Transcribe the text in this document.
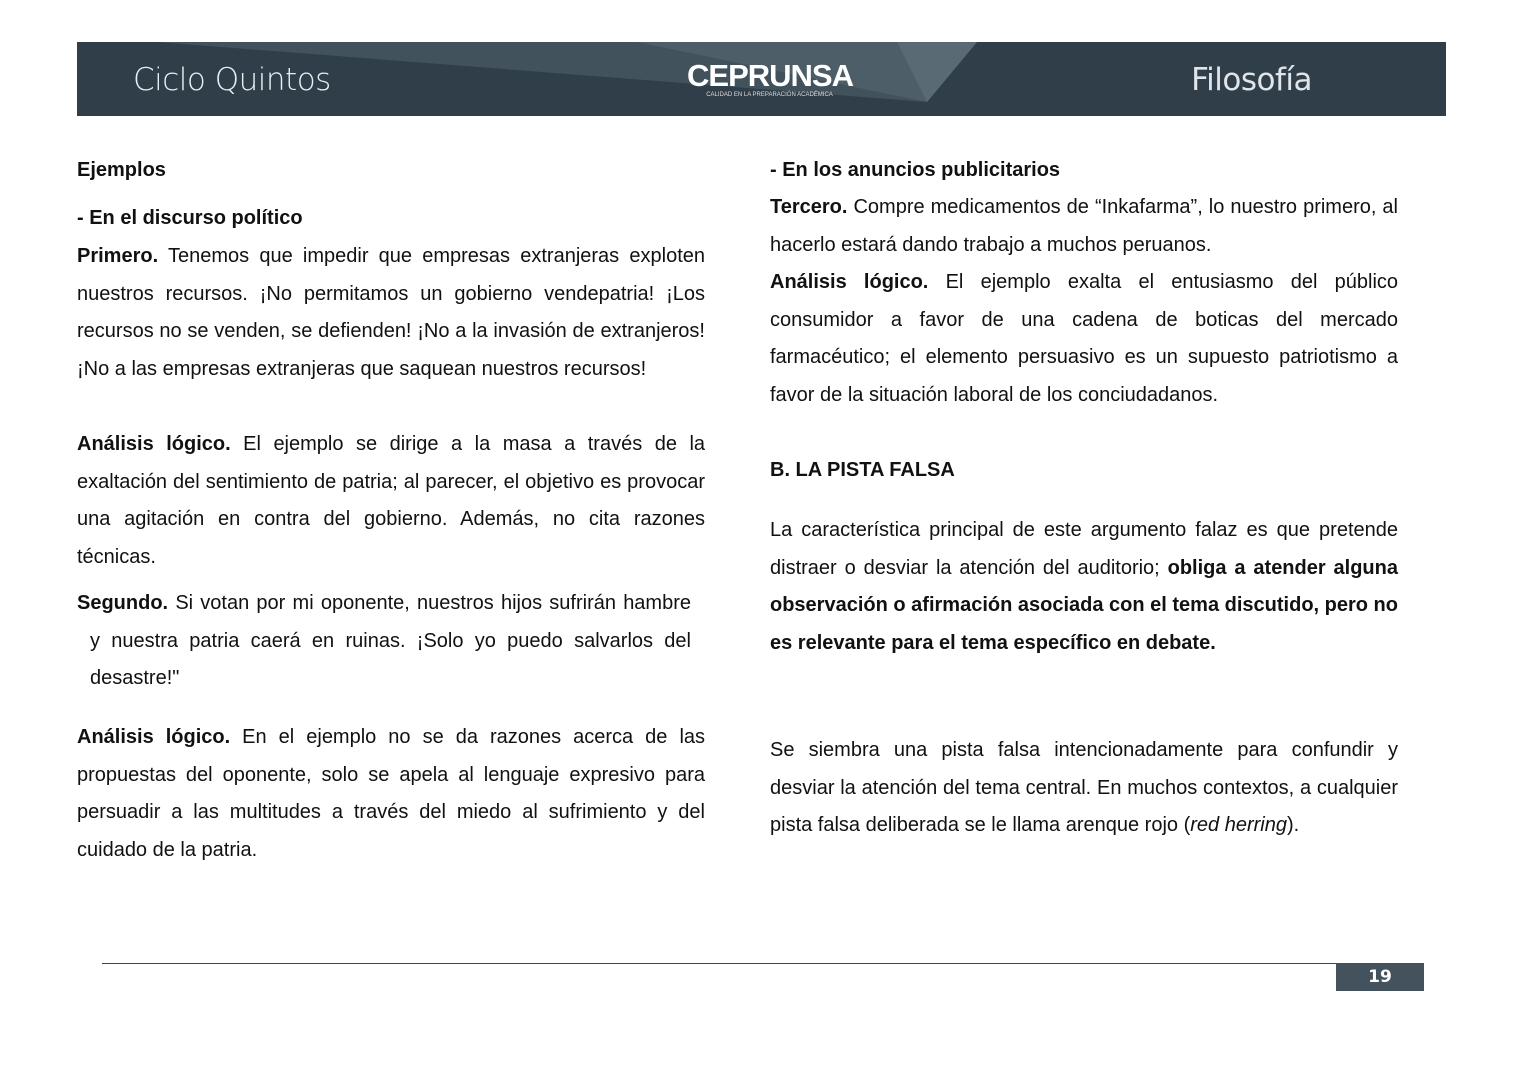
Ciclo Quintos	CEPRUNSA
CALIDAD EN LA PREPARACIÓN ACADÉMICA	Filosofía

Ejemplos

- En el discurso político

Primero. Tenemos que impedir que empresas extranjeras exploten nuestros recursos. ¡No permitamos un gobierno vendepatria! ¡Los recursos no se venden, se defienden! ¡No a la invasión de extranjeros! ¡No a las empresas extranjeras que saquean nuestros recursos!

Análisis lógico. El ejemplo se dirige a la masa a través de la exaltación del sentimiento de patria; al parecer, el objetivo es provocar una agitación en contra del gobierno. Además, no cita razones técnicas.

Segundo. Si votan por mi oponente, nuestros hijos sufrirán hambre y nuestra patria caerá en ruinas. ¡Solo yo puedo salvarlos del desastre!"

Análisis lógico. En el ejemplo no se da razones acerca de las propuestas del oponente, solo se apela al lenguaje expresivo para persuadir a las multitudes a través del miedo al sufrimiento y del cuidado de la patria.

- En los anuncios publicitarios

Tercero. Compre medicamentos de “Inkafarma”, lo nuestro primero, al hacerlo estará dando trabajo a muchos peruanos.

Análisis lógico. El ejemplo exalta el entusiasmo del público consumidor a favor de una cadena de boticas del mercado farmacéutico; el elemento persuasivo es un supuesto patriotismo a favor de la situación laboral de los conciudadanos.

B. LA PISTA FALSA

La característica principal de este argumento falaz es que pretende distraer o desviar la atención del auditorio; obliga a atender alguna observación o afirmación asociada con el tema discutido, pero no es relevante para el tema específico en debate.

Se siembra una pista falsa intencionadamente para confundir y desviar la atención del tema central. En muchos contextos, a cualquier pista falsa deliberada se le llama arenque rojo (red herring).

19
